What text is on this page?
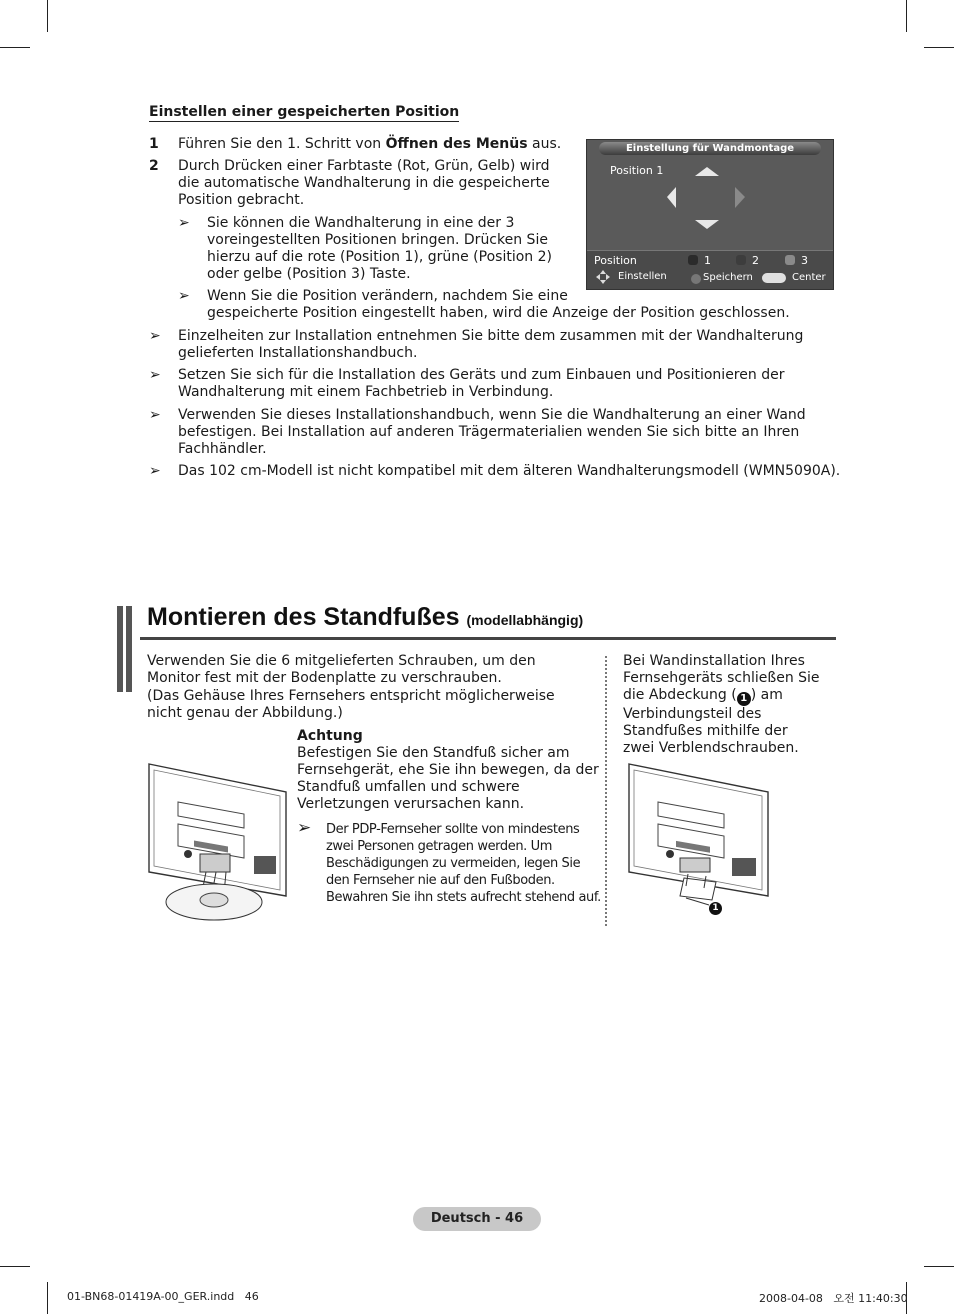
Einstellen einer gespeicherten Position
1 Führen Sie den 1. Schritt von Öffnen des Menüs aus.
2 Durch Drücken einer Farbtaste (Rot, Grün, Gelb) wird die automatische Wandhalterung in die gespeicherte Position gebracht.
➢ Sie können die Wandhalterung in eine der 3 voreingestellten Positionen bringen. Drücken Sie hierzu auf die rote (Position 1), grüne (Position 2) oder gelbe (Position 3) Taste.
➢ Wenn Sie die Position verändern, nachdem Sie eine
gespeicherte Position eingestellt haben, wird die Anzeige der Position geschlossen.
➢ Einzelheiten zur Installation entnehmen Sie bitte dem zusammen mit der Wandhalterung gelieferten Installationshandbuch.
➢ Setzen Sie sich für die Installation des Geräts und zum Einbauen und Positionieren der Wandhalterung mit einem Fachbetrieb in Verbindung.
➢ Verwenden Sie dieses Installationshandbuch, wenn Sie die Wandhalterung an einer Wand befestigen. Bei Installation auf anderen Trägermaterialien wenden Sie sich bitte an Ihren Fachhändler.
➢ Das 102 cm-Modell ist nicht kompatibel mit dem älteren Wandhalterungsmodell (WMN5090A).
Einstellung für Wandmontage
Position 1
Position	1	2	3
Einstellen	Speichern	Center
Montieren des Standfußes (modellabhängig)
Verwenden Sie die 6 mitgelieferten Schrauben, um den Monitor fest mit der Bodenplatte zu verschrauben.
(Das Gehäuse Ihres Fernsehers entspricht möglicherweise nicht genau der Abbildung.)
Achtung
Befestigen Sie den Standfuß sicher am Fernsehgerät, ehe Sie ihn bewegen, da der Standfuß umfallen und schwere Verletzungen verursachen kann.
➢ Der PDP-Fernseher sollte von mindestens zwei Personen getragen werden. Um Beschädigungen zu vermeiden, legen Sie den Fernseher nie auf den Fußboden. Bewahren Sie ihn stets aufrecht stehend auf.
Bei Wandinstallation Ihres Fernsehgeräts schließen Sie die Abdeckung ( 1 ) am Verbindungsteil des Standfußes mithilfe der zwei Verblendschrauben.
1
Deutsch - 46
01-BN68-01419A-00_GER.indd   46	2008-04-08   오전 11:40:30
